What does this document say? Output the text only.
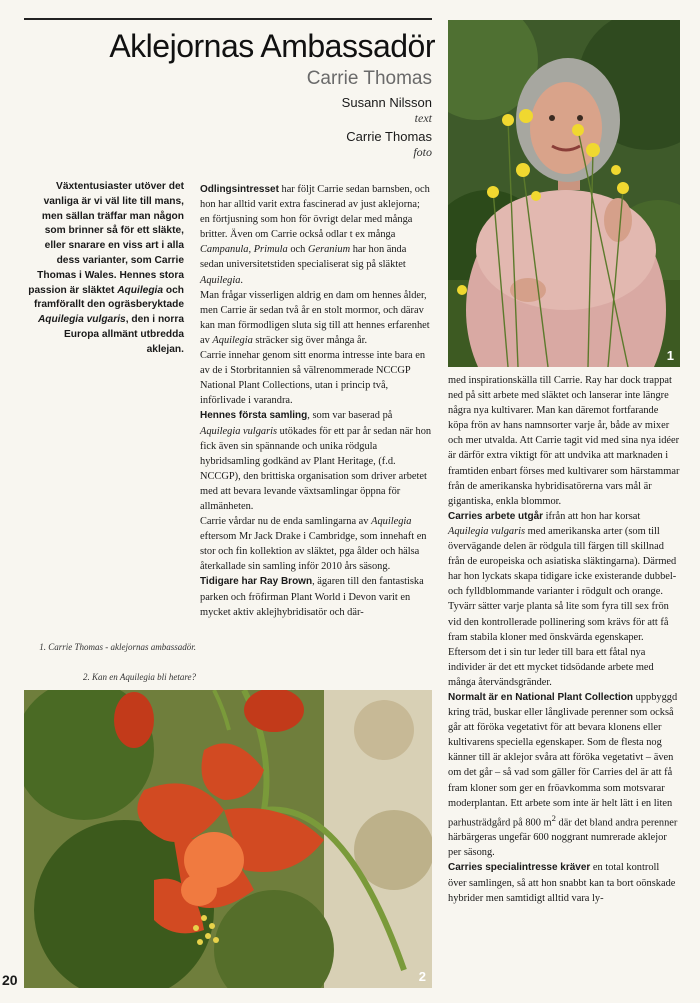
Aklejornas Ambassadör
Carrie Thomas
Susann Nilsson
text
Carrie Thomas
foto

Växtentusiaster utöver det vanliga är vi väl lite till mans, men sällan träffar man någon som brinner så för ett släkte, eller snarare en viss art i alla dess varianter, som Carrie Thomas i Wales. Hennes stora passion är släktet Aquilegia och framförallt den ogräsberyktade Aquilegia vulgaris, den i norra Europa allmänt utbredda aklejan.

1. Carrie Thomas - aklejornas ambassadör.
2. Kan en Aquilegia bli hetare?
1
2

Odlingsintresset har följt Carrie sedan barnsben, och hon har alltid varit extra fascinerad av just aklejorna; en förtjusning som hon för övrigt delar med många britter. Även om Carrie också odlar t ex många Campanula, Primula och Geranium har hon ända sedan universitetstiden specialiserat sig på släktet Aquilegia.

Man frågar visserligen aldrig en dam om hennes ålder, men Carrie är sedan två år en stolt mormor, och därav kan man förmodligen sluta sig till att hennes erfarenhet av Aquilegia sträcker sig över många år.

Carrie innehar genom sitt enorma intresse inte bara en av de i Storbritannien så välrenommerade NCCGP National Plant Collections, utan i princip två, införlivade i varandra.

Hennes första samling, som var baserad på Aquilegia vulgaris utökades för ett par år sedan när hon fick även sin spännande och unika rödgula hybridsamling godkänd av Plant Heritage, (f.d. NCCGP), den brittiska organisation som driver arbetet med att bevara levande växtsamlingar öppna för allmänheten.

Carrie vårdar nu de enda samlingarna av Aquilegia eftersom Mr Jack Drake i Cambridge, som innehaft en stor och fin kollektion av släktet, pga ålder och hälsa återkallade sin samling inför 2010 års säsong.

Tidigare har Ray Brown, ägaren till den fantastiska parken och fröfirman Plant World i Devon varit en mycket aktiv aklejhybridisatör och där-

med inspirationskälla till Carrie. Ray har dock trappat ned på sitt arbete med släktet och lanserar inte längre några nya kultivarer. Man kan däremot fortfarande köpa frön av hans namnsorter varje år, både av mixer och mer utvalda. Att Carrie tagit vid med sina nya idéer är därför extra viktigt för att undvika att marknaden i framtiden enbart förses med kultivarer som härstammar från de amerikanska hybridisatörerna vars mål är gigantiska, enkla blommor.

Carries arbete utgår ifrån att hon har korsat Aquilegia vulgaris med amerikanska arter (som till övervägande delen är rödgula till färgen till skillnad från de europeiska och asiatiska släktingarna). Därmed har hon lyckats skapa tidigare icke existerande dubbel- och fylldblommande varianter i rödgult och orange.

Tyvärr sätter varje planta så lite som fyra till sex frön vid den kontrollerade pollinering som krävs för att få fram stabila kloner med önskvärda egenskaper. Eftersom det i sin tur leder till bara ett fåtal nya individer är det ett mycket tidsödande arbete med många återvändsgränder.

Normalt är en National Plant Collection uppbyggd kring träd, buskar eller långlivade perenner som också går att föröka vegetativt för att bevara klonens eller kultivarens speciella egenskaper. Som de flesta nog känner till är aklejor svåra att föröka vegetativt – även om det går – så vad som gäller för Carries del är att få fram kloner som ger en fröavkomma som motsvarar moderplantan. Ett arbete som inte är helt lätt i en liten parhusträdgård på 800 $m^2$ där det bland andra perenner härbärgeras ungefär 600 noggrant numrerade aklejor per säsong.

Carries specialintresse kräver en total kontroll över samlingen, så att hon snabbt kan ta bort oönskade hybrider men samtidigt alltid vara ly-

20
